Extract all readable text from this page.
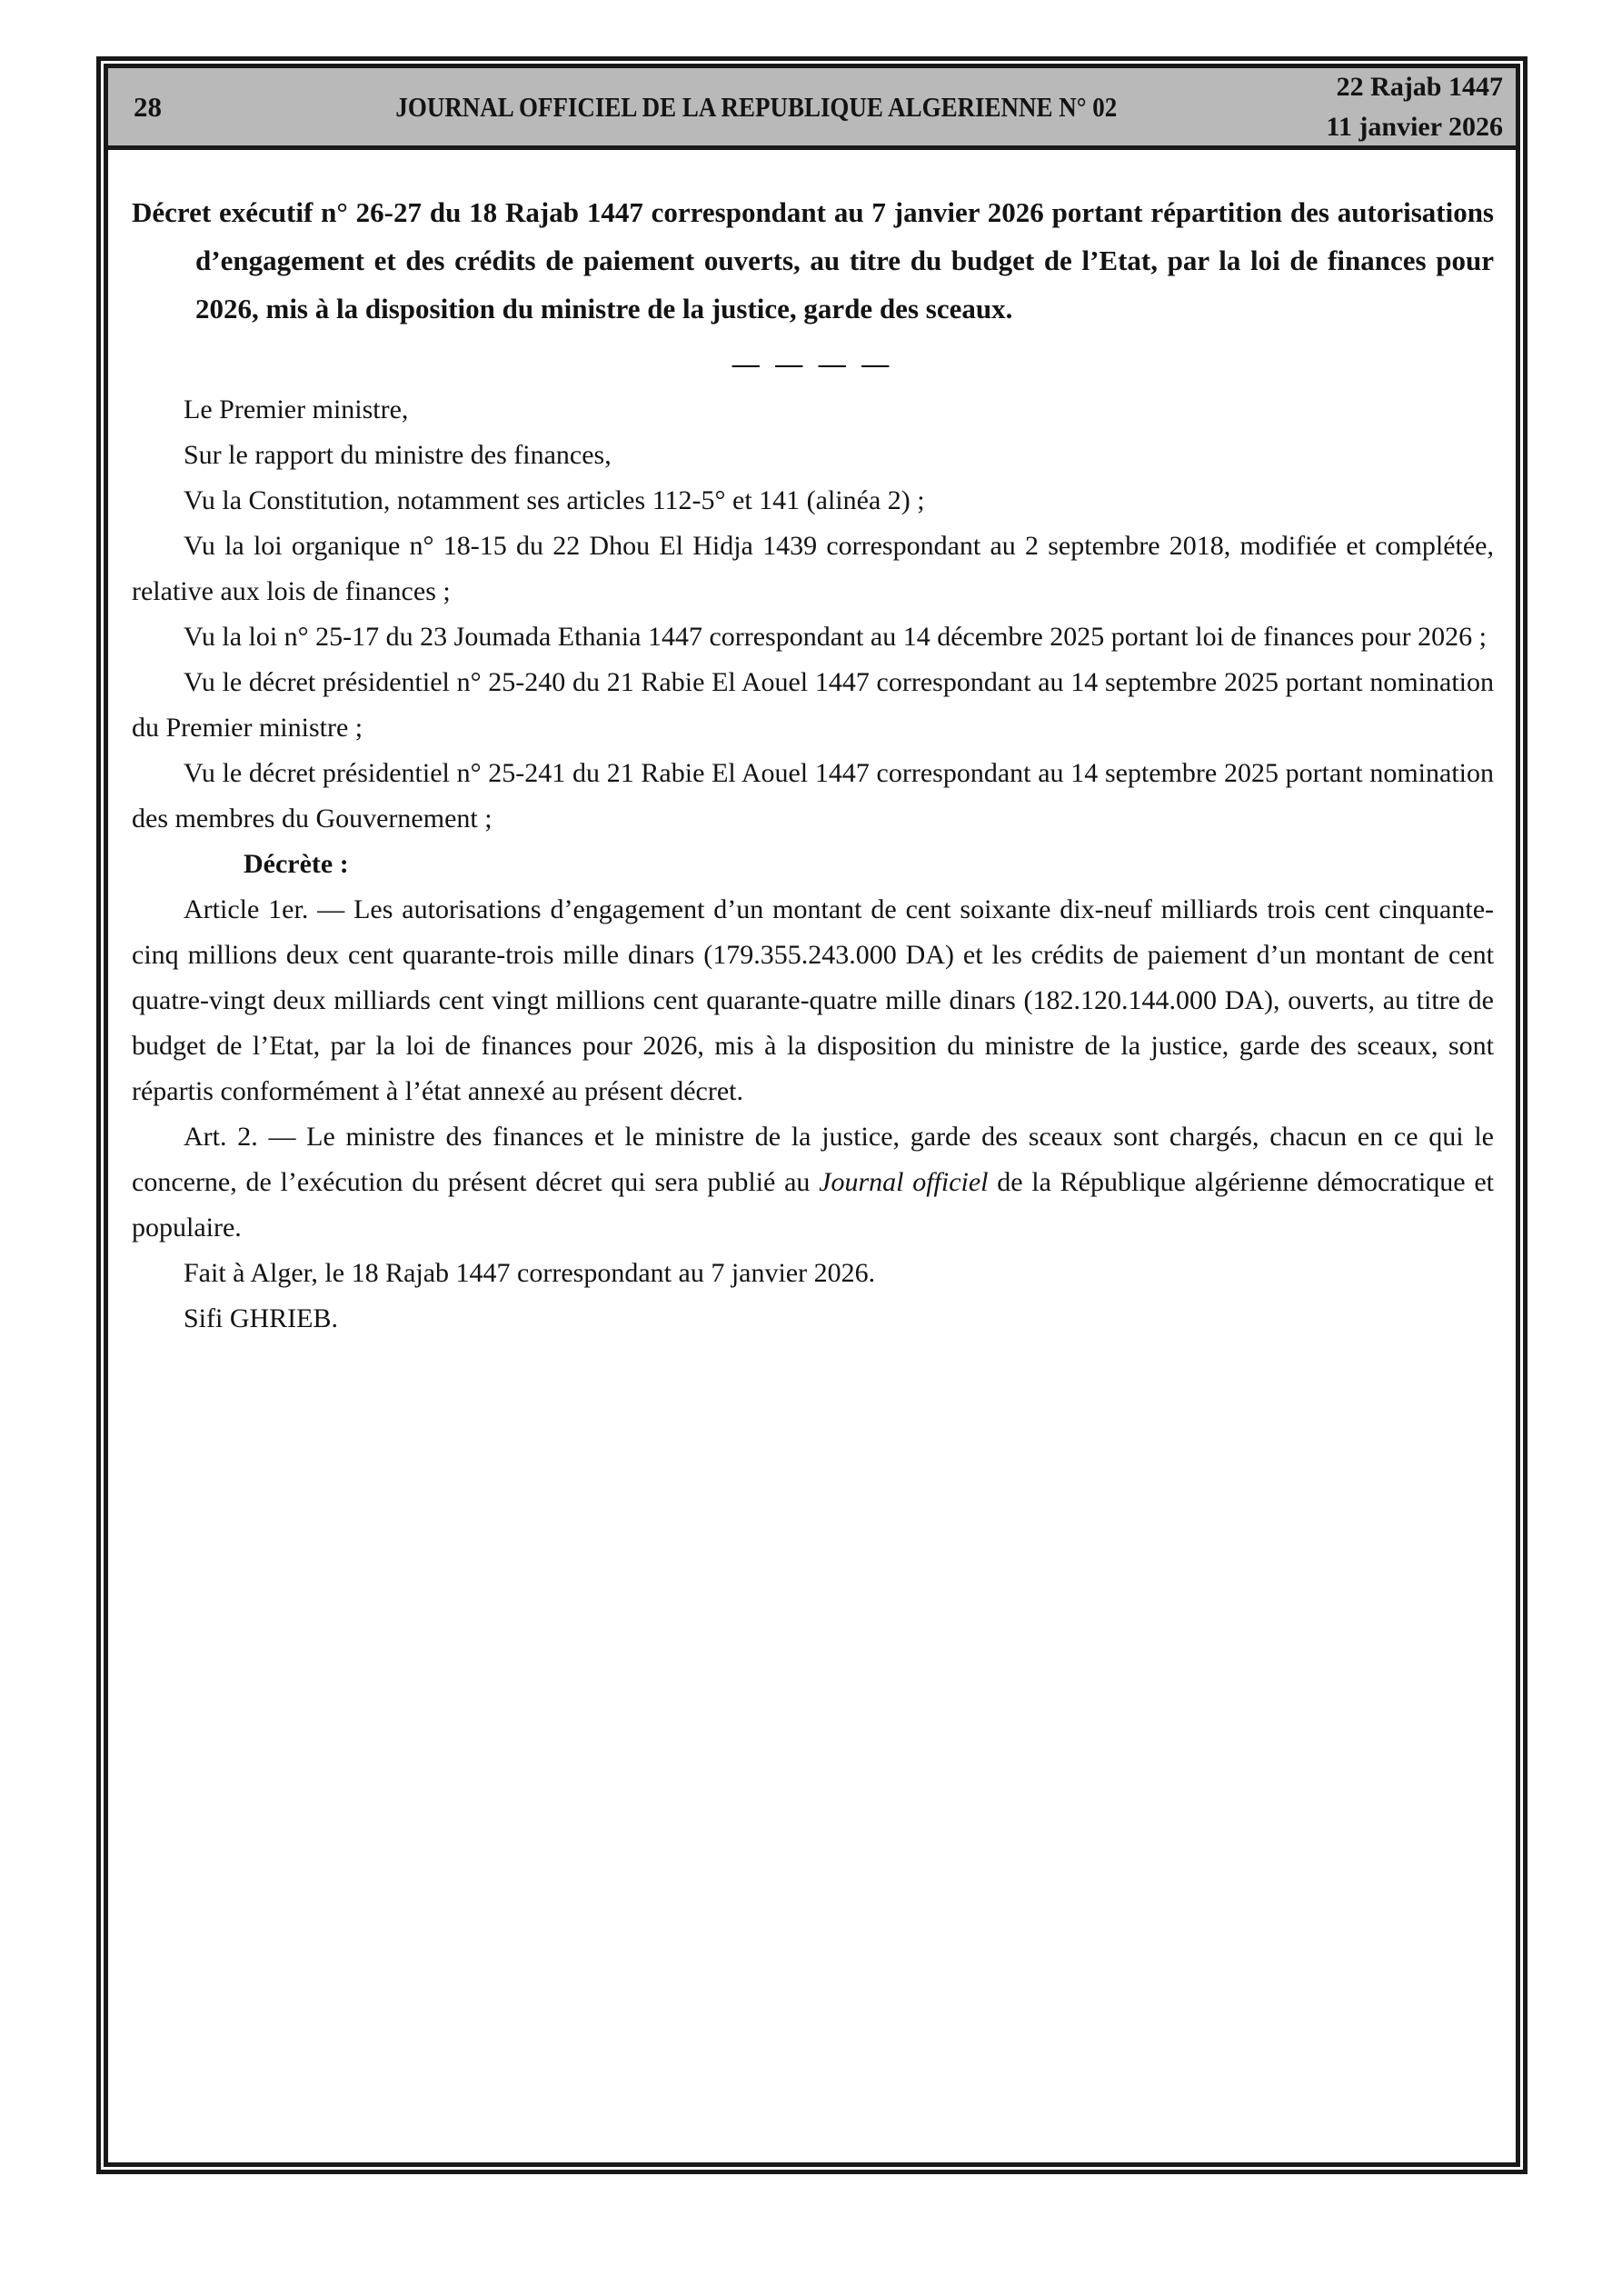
28	JOURNAL OFFICIEL DE LA REPUBLIQUE ALGERIENNE N° 02
22 Rajab 1447
11 janvier 2026

Décret exécutif n° 26-27 du 18 Rajab 1447 correspondant au 7 janvier 2026 portant répartition des autorisations d’engagement et des crédits de paiement ouverts, au titre du budget de l’Etat, par la loi de finances pour 2026, mis à la disposition du ministre de la justice, garde des sceaux.

— — — —

Le Premier ministre,

Sur le rapport du ministre des finances,

Vu la Constitution, notamment ses articles 112-5° et 141 (alinéa 2) ;

Vu la loi organique n° 18-15 du 22 Dhou El Hidja 1439 correspondant au 2 septembre 2018, modifiée et complétée, relative aux lois de finances ;

Vu la loi n° 25-17 du 23 Joumada Ethania 1447 correspondant au 14 décembre 2025 portant loi de finances pour 2026 ;

Vu le décret présidentiel n° 25-240 du 21 Rabie El Aouel 1447 correspondant au 14 septembre 2025 portant nomination du Premier ministre ;

Vu le décret présidentiel n° 25-241 du 21 Rabie El Aouel 1447 correspondant au 14 septembre 2025 portant nomination des membres du Gouvernement ;

Décrète :

Article 1er. — Les autorisations d’engagement d’un montant de cent soixante dix-neuf milliards trois cent cinquante-cinq millions deux cent quarante-trois mille dinars (179.355.243.000 DA) et les crédits de paiement d’un montant de cent quatre-vingt deux milliards cent vingt millions cent quarante-quatre mille dinars (182.120.144.000 DA), ouverts, au titre de budget de l’Etat, par la loi de finances pour 2026, mis à la disposition du ministre de la justice, garde des sceaux, sont répartis conformément à l’état annexé au présent décret.

Art. 2. — Le ministre des finances et le ministre de la justice, garde des sceaux sont chargés, chacun en ce qui le concerne, de l’exécution du présent décret qui sera publié au Journal officiel de la République algérienne démocratique et populaire.

Fait à Alger, le 18 Rajab 1447 correspondant au 7 janvier 2026.

Sifi GHRIEB.
